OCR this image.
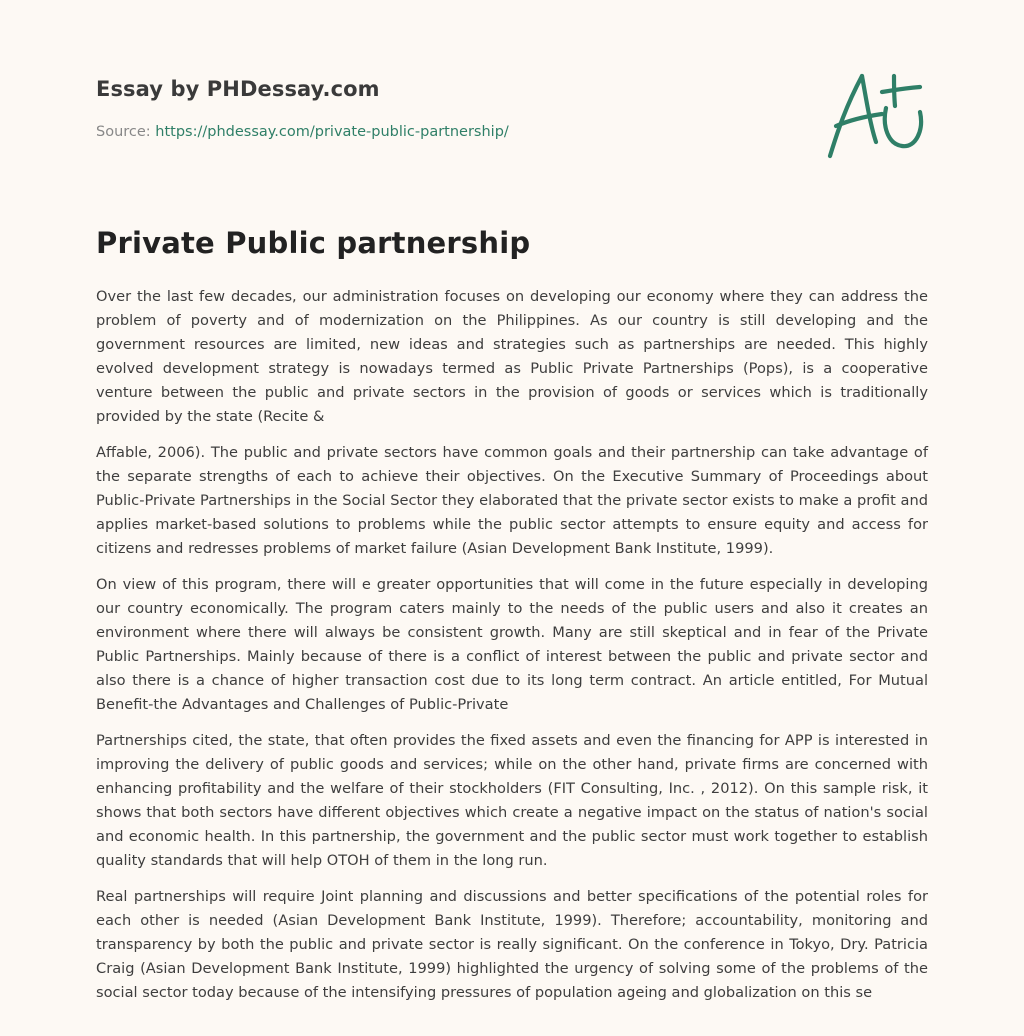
Essay by PHDessay.com
Source: https://phdessay.com/private-public-partnership/
Private Public partnership

Over the last few decades, our administration focuses on developing our economy where they can address the problem of poverty and of modernization on the Philippines. As our country is still developing and the government resources are limited, new ideas and strategies such as partnerships are needed. This highly evolved development strategy is nowadays termed as Public Private Partnerships (Pops), is a cooperative venture between the public and private sectors in the provision of goods or services which is traditionally provided by the state (Recite &

Affable, 2006). The public and private sectors have common goals and their partnership can take advantage of the separate strengths of each to achieve their objectives. On the Executive Summary of Proceedings about Public-Private Partnerships in the Social Sector they elaborated that the private sector exists to make a profit and applies market-based solutions to problems while the public sector attempts to ensure equity and access for citizens and redresses problems of market failure (Asian Development Bank Institute, 1999).

On view of this program, there will e greater opportunities that will come in the future especially in developing our country economically. The program caters mainly to the needs of the public users and also it creates an environment where there will always be consistent growth. Many are still skeptical and in fear of the Private Public Partnerships. Mainly because of there is a conflict of interest between the public and private sector and also there is a chance of higher transaction cost due to its long term contract. An article entitled, For Mutual Benefit-the Advantages and Challenges of Public-Private

Partnerships cited, the state, that often provides the fixed assets and even the financing for APP is interested in improving the delivery of public goods and services; while on the other hand, private firms are concerned with enhancing profitability and the welfare of their stockholders (FIT Consulting, Inc. , 2012). On this sample risk, it shows that both sectors have different objectives which create a negative impact on the status of nation's social and economic health. In this partnership, the government and the public sector must work together to establish quality standards that will help OTOH of them in the long run.

Real partnerships will require Joint planning and discussions and better specifications of the potential roles for each other is needed (Asian Development Bank Institute, 1999). Therefore; accountability, monitoring and transparency by both the public and private sector is really significant. On the conference in Tokyo, Dry. Patricia Craig (Asian Development Bank Institute, 1999) highlighted the urgency of solving some of the problems of the social sector today because of the intensifying pressures of population ageing and globalization on this se
